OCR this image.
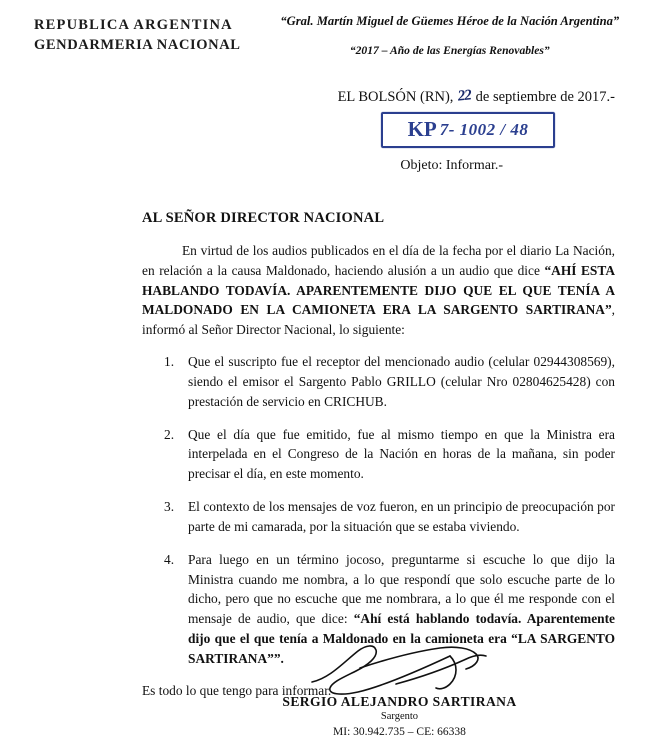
REPUBLICA ARGENTINA
GENDARMERIA NACIONAL
“Gral. Martín Miguel de Güemes Héroe de la Nación Argentina”
“2017 – Año de las Energías Renovables”
EL BOLSÓN (RN), 22 de septiembre de 2017.-
KP 7- 1002 / 48
Objeto: Informar.-
AL SEÑOR DIRECTOR NACIONAL

En virtud de los audios publicados en el día de la fecha por el diario La Nación, en relación a la causa Maldonado, haciendo alusión a un audio que dice “AHÍ ESTA HABLANDO TODAVÍA. APARENTEMENTE DIJO QUE EL QUE TENÍA A MALDONADO EN LA CAMIONETA ERA LA SARGENTO SARTIRANA”, informó al Señor Director Nacional, lo siguiente:

Que el suscripto fue el receptor del mencionado audio (celular 02944308569), siendo el emisor el Sargento Pablo GRILLO (celular Nro 02804625428) con prestación de servicio en CRICHUB.
Que el día que fue emitido, fue al mismo tiempo en que la Ministra era interpelada en el Congreso de la Nación en horas de la mañana, sin poder precisar el día, en este momento.
El contexto de los mensajes de voz fueron, en un principio de preocupación por parte de mi camarada, por la situación que se estaba viviendo.
Para luego en un término jocoso, preguntarme si escuche lo que dijo la Ministra cuando me nombra, a lo que respondí que solo escuche parte de lo dicho, pero que no escuche que me nombrara, a lo que él me responde con el mensaje de audio, que dice: “Ahí está hablando todavía. Aparentemente dijo que el que tenía a Maldonado en la camioneta era “LA SARGENTO SARTIRANA””.
Es todo lo que tengo para informar.
SERGIO ALEJANDRO SARTIRANA
Sargento
MI: 30.942.735 – CE: 66338
